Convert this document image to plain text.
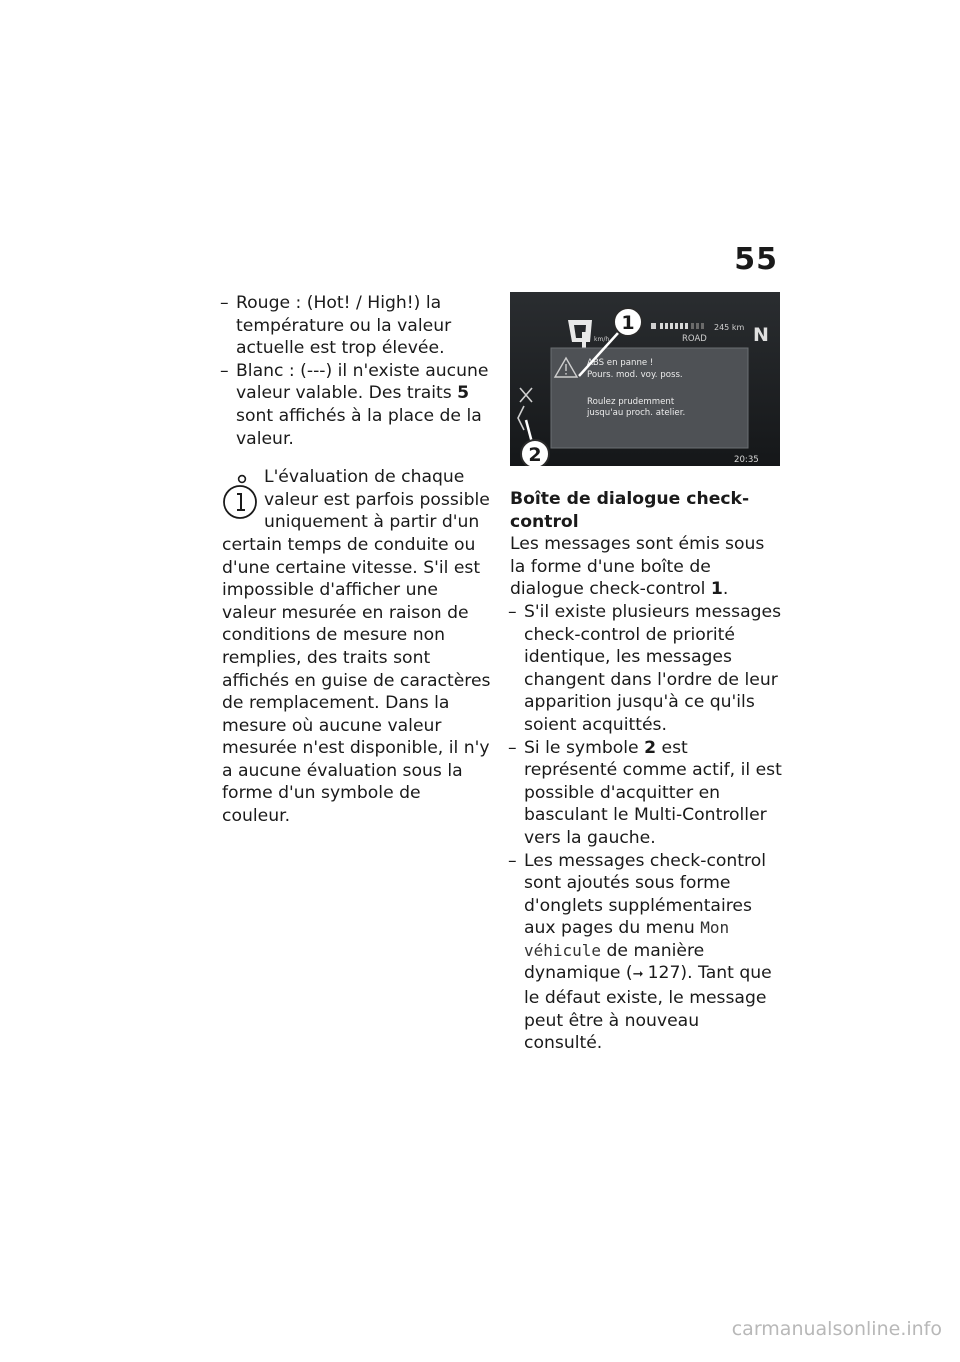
55
– Rouge : (Hot! / High!) la température ou la valeur actuelle est trop élevée.
– Blanc : (---) il n'existe aucune valeur valable. Des traits 5 sont affichés à la place de la valeur.
L'évaluation de chaque valeur est parfois possible uniquement à partir d'un certain temps de conduite ou d'une certaine vitesse. S'il est impossible d'afficher une valeur mesurée en raison de conditions de mesure non remplies, des traits sont affichés en guise de caractères de remplacement. Dans la mesure où aucune valeur mesurée n'est disponible, il n'y a aucune évaluation sous la forme d'un symbole de couleur.
km/h
245 km
ROAD N
ABS en panne !
Pours. mod. voy. poss.
Roulez prudemment
jusqu'au proch. atelier.
20:35
1
2
Boîte de dialogue check-control
Les messages sont émis sous la forme d'une boîte de dialogue check-control 1.
– S'il existe plusieurs messages check-control de priorité identique, les messages changent dans l'ordre de leur apparition jusqu'à ce qu'ils soient acquittés.
– Si le symbole 2 est représenté comme actif, il est possible d'acquitter en basculant le Multi-Controller vers la gauche.
– Les messages check-control sont ajoutés sous forme d'onglets supplémentaires aux pages du menu Mon véhicule de manière dynamique (➞ 127). Tant que le défaut existe, le message peut être à nouveau consulté.
carmanualsonline.info
